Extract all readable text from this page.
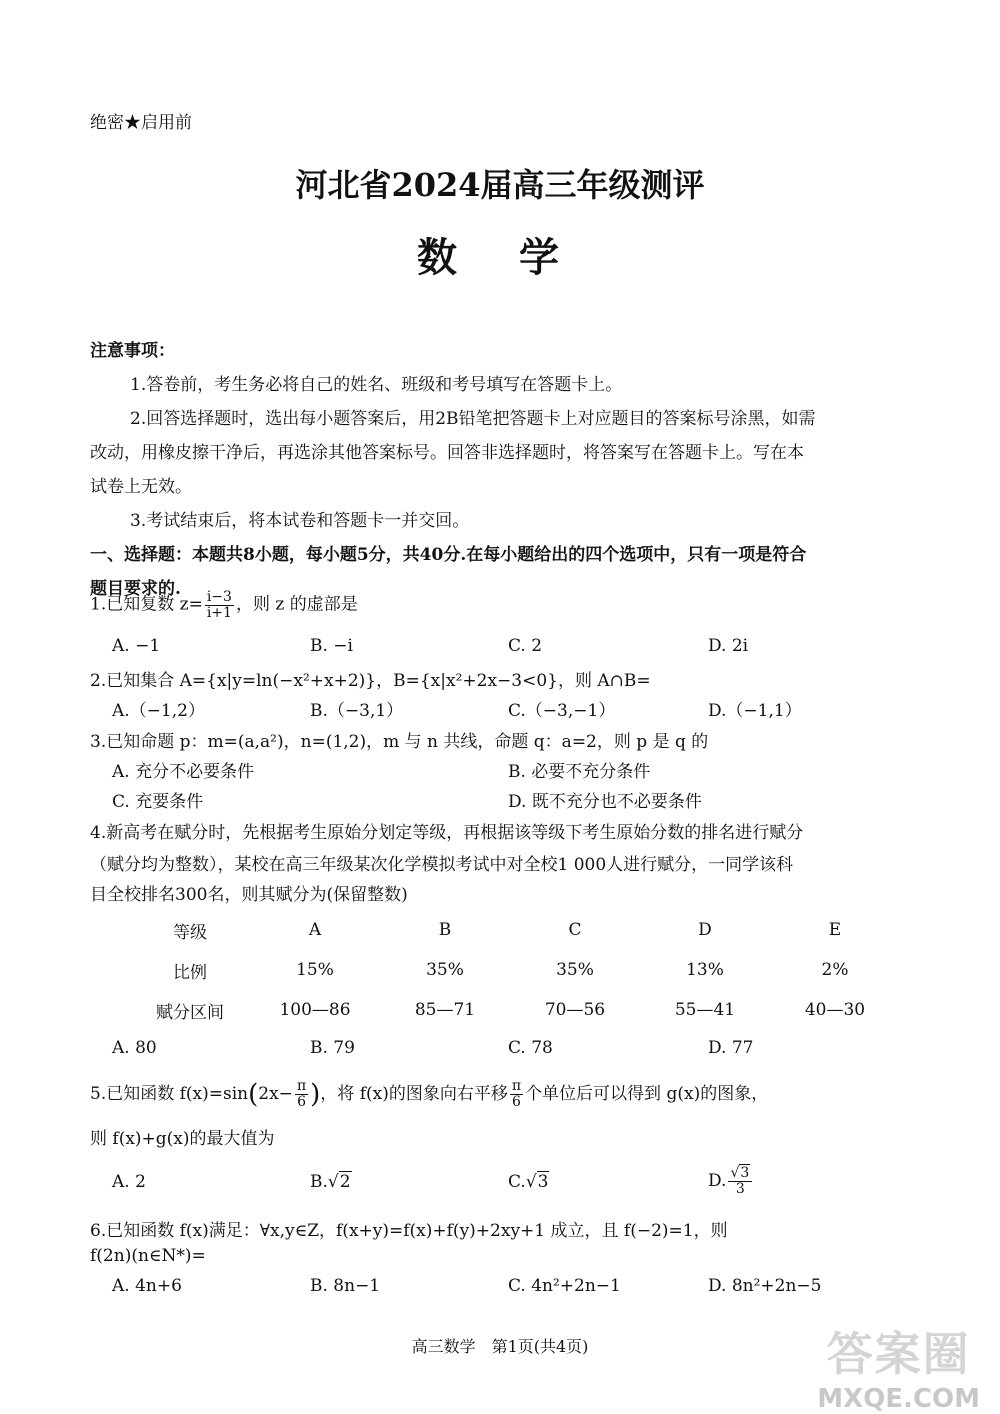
绝密★启用前
河北省2024届高三年级测评
数 学
注意事项：
1.答卷前，考生务必将自己的姓名、班级和考号填写在答题卡上。
2.回答选择题时，选出每小题答案后，用2B铅笔把答题卡上对应题目的答案标号涂黑，如需
改动，用橡皮擦干净后，再选涂其他答案标号。回答非选择题时，将答案写在答题卡上。写在本
试卷上无效。
3.考试结束后，将本试卷和答题卡一并交回。
一、选择题：本题共8小题，每小题5分，共40分.在每小题给出的四个选项中，只有一项是符合
题目要求的.
1.已知复数 $z= \frac{i-3}{i+1}$ ，则 z 的虚部是
A. −1	B. −i	C. 2	D. 2i
2.已知集合 A={x|y=ln(−x²+x+2)}，B={x|x²+2x−3<0}，则 A∩B=
A.（−1,2）	B.（−3,1）	C.（−3,−1）	D.（−1,1）
3.已知命题 p：m=(a,a²)，n=(1,2)，m 与 n 共线，命题 q：a=2，则 p 是 q 的
A. 充分不必要条件	B. 必要不充分条件
C. 充要条件	D. 既不充分也不必要条件
4.新高考在赋分时，先根据考生原始分划定等级，再根据该等级下考生原始分数的排名进行赋分
（赋分均为整数），某校在高三年级某次化学模拟考试中对全校1 000人进行赋分，一同学该科
目全校排名300名，则其赋分为(保留整数)
等级	A	B	C	D	E
比例	15%	35%	35%	13%	2%
赋分区间	100—86	85—71	70—56	55—41	40—30
A. 80	B. 79	C. 78	D. 77
5.已知函数 $f(x)=\sin(2x- \frac{\pi}{6}$ )，将 f(x)的图象向右平移 $\frac{\pi}{6}$ 个单位后可以得到 g(x)的图象，
则 f(x)+g(x)的最大值为
A. 2	B.√2	C.√3	D. $\frac{√3}{3}$
6.已知函数 f(x)满足：∀x,y∈Z，f(x+y)=f(x)+f(y)+2xy+1 成立，且 f(−2)=1，则
f(2n)(n∈N*)=
A. 4n+6	B. 8n−1	C. 4n²+2n−1	D. 8n²+2n−5
高三数学　第1页(共4页)	答案圈
MXQE.COM
